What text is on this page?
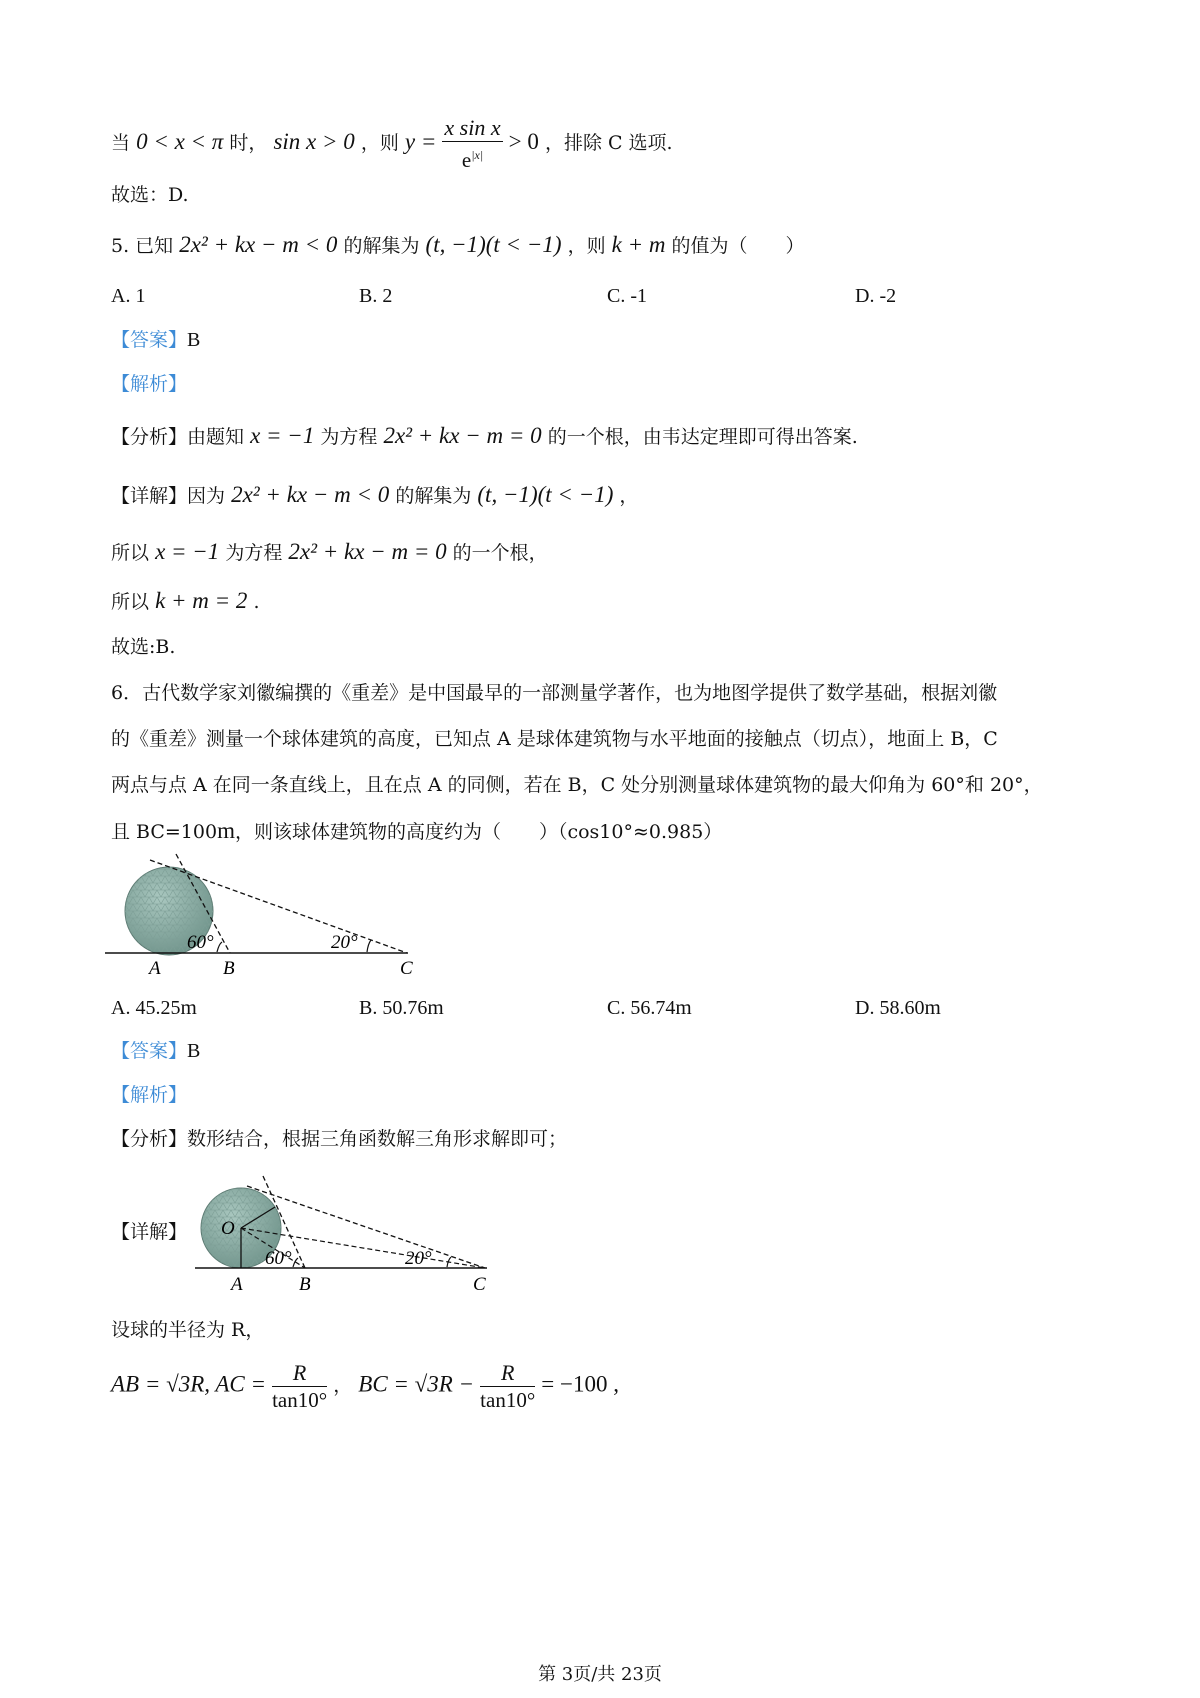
当 0 < x < π 时， sin x > 0 ，则 $y = \frac{\text{x sin x}}{e^{|x|}} > 0$ ，排除 C 选项.
故选：D.
5. 已知 2x² + kx − m < 0 的解集为 (t, −1)(t < −1) ，则 k + m 的值为（　　）
A. 1	B. 2	C. -1	D. -2
【答案】B
【解析】
【分析】由题知 x = −1 为方程 2x² + kx − m = 0 的一个根，由韦达定理即可得出答案.
【详解】因为 2x² + kx − m < 0 的解集为 (t, −1)(t < −1) ，
所以 x = −1 为方程 2x² + kx − m = 0 的一个根，
所以 k + m = 2 .
故选:B.
6．古代数学家刘徽编撰的《重差》是中国最早的一部测量学著作，也为地图学提供了数学基础，根据刘徽
的《重差》测量一个球体建筑的高度，已知点 A 是球体建筑物与水平地面的接触点（切点），地面上 B，C
两点与点 A 在同一条直线上，且在点 A 的同侧，若在 B，C 处分别测量球体建筑物的最大仰角为 60°和 20°，
且 BC=100m，则该球体建筑物的高度约为（　　）（cos10°≈0.985）
60°	20°
A	B	C
A. 45.25m	B. 50.76m	C. 56.74m	D. 58.60m
【答案】B
【解析】
【分析】数形结合，根据三角函数解三角形求解即可；
【详解】 O
60°	20°
A	B	C
设球的半径为 R，
AB = √3R, AC = $\frac{R}{\tan 10^\circ}$ ， BC = $√3R - \frac{R}{\tan 10^\circ} = -100$ ,
第 3页/共 23页
